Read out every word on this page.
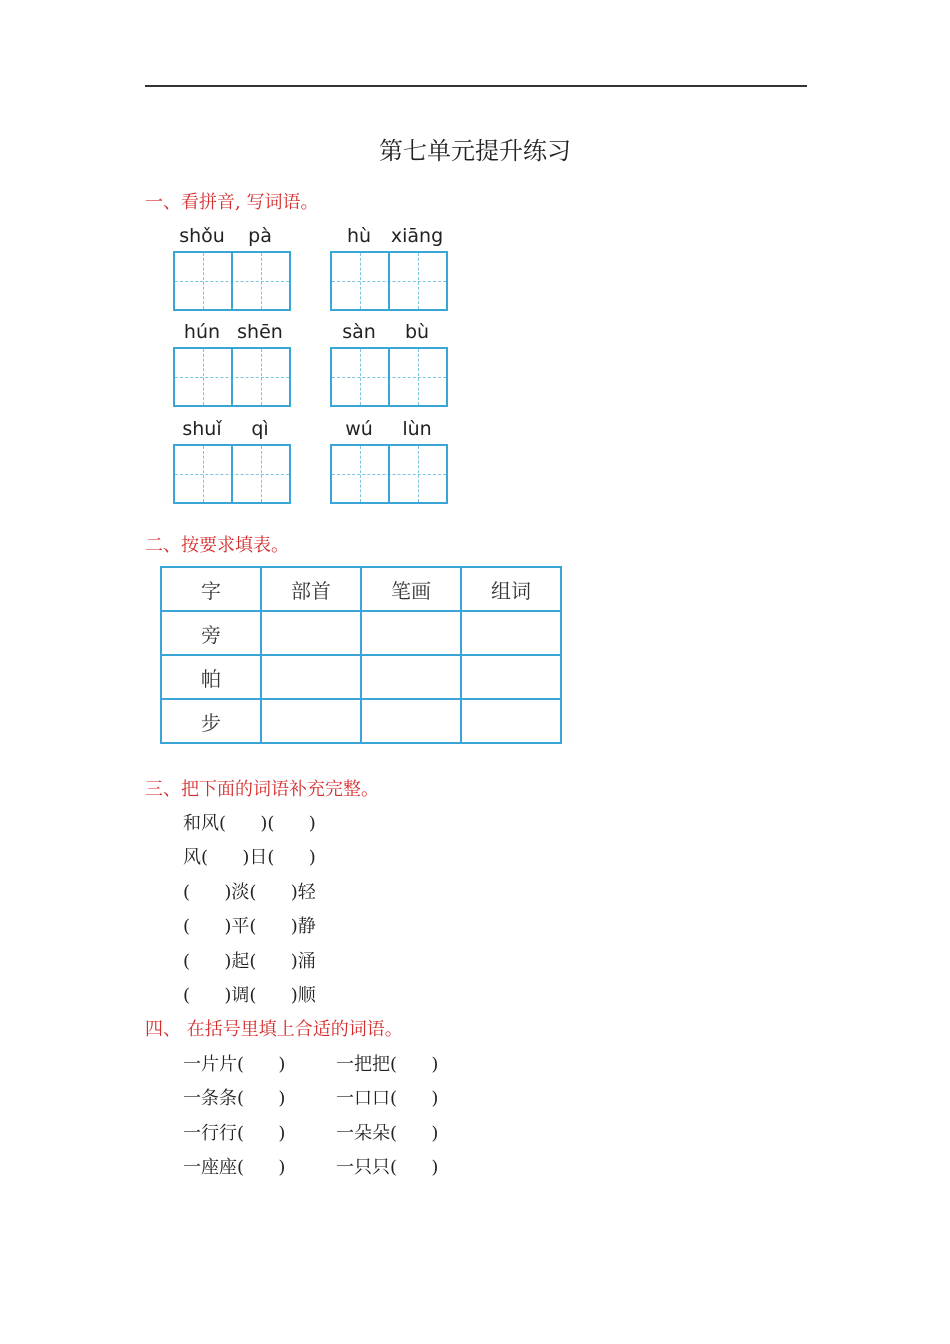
第七单元提升练习
一、看拼音, 写词语。
shǒu	pà	hù	xiāng
hún shēn	sàn	bù
shuǐ	qì	wú	lùn
二、按要求填表。
字	部首	笔画	组词
旁			
帕			
步			
三、把下面的词语补充完整。
和风(      )(      )
风(      )日(      )
(      )淡(      )轻
(      )平(      )静
(      )起(      )涌
(      )调(      )顺
四、 在括号里填上合适的词语。
一片片(      )	一把把(      )
一条条(      )	一口口(      )
一行行(      )	一朵朵(      )
一座座(      )	一只只(      )
